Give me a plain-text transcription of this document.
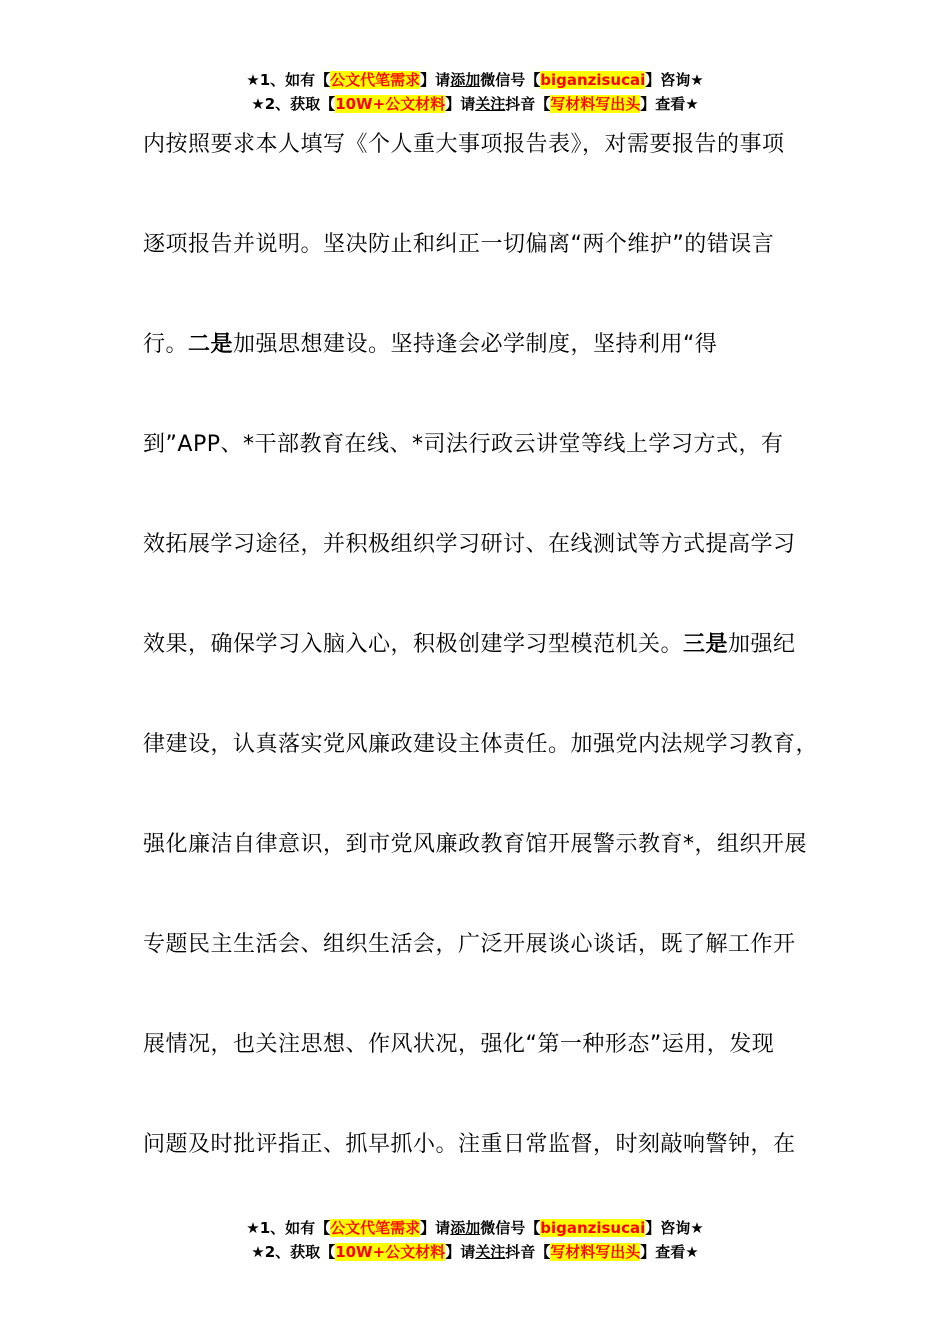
★1、如有【公文代笔需求】请添加微信号【biganzisucai】咨询★
★2、获取【10W+公文材料】请关注抖音【写材料写出头】查看★
内按照要求本人填写《个人重大事项报告表》，对需要报告的事项
逐项报告并说明。坚决防止和纠正一切偏离“两个维护”的错误言
行。二是加强思想建设。坚持逢会必学制度，坚持利用“得
到”APP、*干部教育在线、*司法行政云讲堂等线上学习方式，有
效拓展学习途径，并积极组织学习研讨、在线测试等方式提高学习
效果，确保学习入脑入心，积极创建学习型模范机关。三是加强纪
律建设，认真落实党风廉政建设主体责任。加强党内法规学习教育，
强化廉洁自律意识，到市党风廉政教育馆开展警示教育*，组织开展
专题民主生活会、组织生活会，广泛开展谈心谈话，既了解工作开
展情况，也关注思想、作风状况，强化“第一种形态”运用，发现
问题及时批评指正、抓早抓小。注重日常监督，时刻敲响警钟，在
★1、如有【公文代笔需求】请添加微信号【biganzisucai】咨询★
★2、获取【10W+公文材料】请关注抖音【写材料写出头】查看★
